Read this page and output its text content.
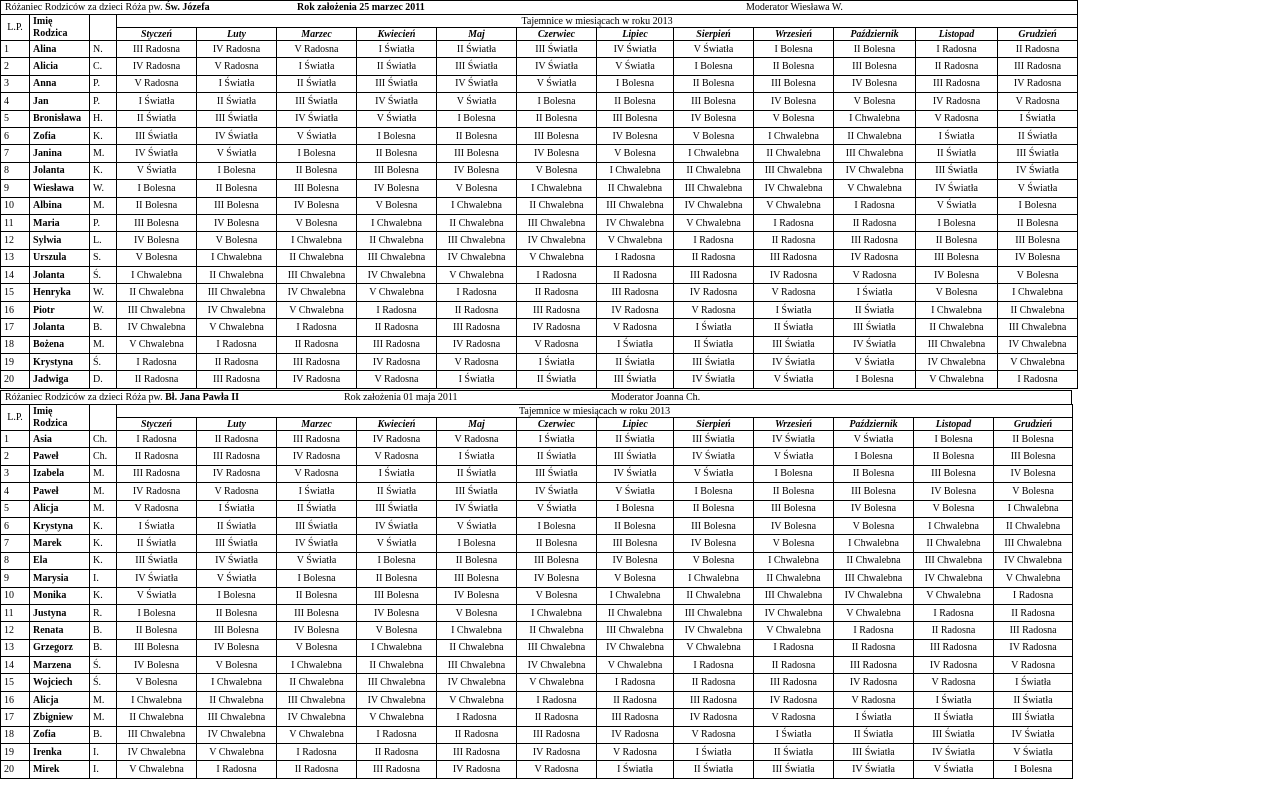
Różaniec Rodziców za dzieci Róża pw. Św. Józefa	Rok założenia 25 marzec 2011	Moderator Wiesława W.
L.P.	Imię		Tajemnice w miesiącach w roku 2013											
	Rodzica		Styczeń	Luty	Marzec	Kwiecień	Maj	Czerwiec	Lipiec	Sierpień	Wrzesień	Październik	Listopad	Grudzień
1	Alina	N.	III Radosna	IV Radosna	V Radosna	I Światła	II Światła	III Światła	IV Światła	V Światła	I Bolesna	II Bolesna	I Radosna	II Radosna
2	Alicia	C.	IV Radosna	V Radosna	I Światła	II Światła	III Światła	IV Światła	V Światła	I Bolesna	II Bolesna	III Bolesna	II Radosna	III Radosna
3	Anna	P.	V Radosna	I Światła	II Światła	III Światła	IV Światła	V Światła	I Bolesna	II Bolesna	III Bolesna	IV Bolesna	III Radosna	IV Radosna
4	Jan	P.	I Światła	II Światła	III Światła	IV Światła	V Światła	I Bolesna	II Bolesna	III Bolesna	IV Bolesna	V Bolesna	IV Radosna	V Radosna
5	Bronisława	H.	II Światła	III Światła	IV Światła	V Światła	I Bolesna	II Bolesna	III Bolesna	IV Bolesna	V Bolesna	I Chwalebna	V Radosna	I Światła
6	Zofia	K.	III Światła	IV Światła	V Światła	I Bolesna	II Bolesna	III Bolesna	IV Bolesna	V Bolesna	I Chwalebna	II Chwalebna	I Światła	II Światła
7	Janina	M.	IV Światła	V Światła	I Bolesna	II Bolesna	III Bolesna	IV Bolesna	V Bolesna	I Chwalebna	II Chwalebna	III Chwalebna	II Światła	III Światła
8	Jolanta	K.	V Światła	I Bolesna	II Bolesna	III Bolesna	IV Bolesna	V Bolesna	I Chwalebna	II Chwalebna	III Chwalebna	IV Chwalebna	III Światła	IV Światła
9	Wiesława	W.	I Bolesna	II Bolesna	III Bolesna	IV Bolesna	V Bolesna	I Chwalebna	II Chwalebna	III Chwalebna	IV Chwalebna	V Chwalebna	IV Światła	V Światła
10	Albina	M.	II Bolesna	III Bolesna	IV Bolesna	V Bolesna	I Chwalebna	II Chwalebna	III Chwalebna	IV Chwalebna	V Chwalebna	I Radosna	V Światła	I Bolesna
11	Maria	P.	III Bolesna	IV Bolesna	V Bolesna	I Chwalebna	II Chwalebna	III Chwalebna	IV Chwalebna	V Chwalebna	I Radosna	II Radosna	I Bolesna	II Bolesna
12	Sylwia	L.	IV Bolesna	V Bolesna	I Chwalebna	II Chwalebna	III Chwalebna	IV Chwalebna	V Chwalebna	I Radosna	II Radosna	III Radosna	II Bolesna	III Bolesna
13	Urszula	S.	V Bolesna	I Chwalebna	II Chwalebna	III Chwalebna	IV Chwalebna	V Chwalebna	I Radosna	II Radosna	III Radosna	IV Radosna	III Bolesna	IV Bolesna
14	Jolanta	Ś.	I Chwalebna	II Chwalebna	III Chwalebna	IV Chwalebna	V Chwalebna	I Radosna	II Radosna	III Radosna	IV Radosna	V Radosna	IV Bolesna	V Bolesna
15	Henryka	W.	II Chwalebna	III Chwalebna	IV Chwalebna	V Chwalebna	I Radosna	II Radosna	III Radosna	IV Radosna	V Radosna	I Światła	V Bolesna	I Chwalebna
16	Piotr	W.	III Chwalebna	IV Chwalebna	V Chwalebna	I Radosna	II Radosna	III Radosna	IV Radosna	V Radosna	I Światła	II Światła	I Chwalebna	II Chwalebna
17	Jolanta	B.	IV Chwalebna	V Chwalebna	I Radosna	II Radosna	III Radosna	IV Radosna	V Radosna	I Światła	II Światła	III Światła	II Chwalebna	III Chwalebna
18	Bożena	M.	V Chwalebna	I Radosna	II Radosna	III Radosna	IV Radosna	V Radosna	I Światła	II Światła	III Światła	IV Światła	III Chwalebna	IV Chwalebna
19	Krystyna	Ś.	I Radosna	II Radosna	III Radosna	IV Radosna	V Radosna	I Światła	II Światła	III Światła	IV Światła	V Światła	IV Chwalebna	V Chwalebna
20	Jadwiga	D.	II Radosna	III Radosna	IV Radosna	V Radosna	I Światła	II Światła	III Światła	IV Światła	V Światła	I Bolesna	V Chwalebna	I Radosna
Różaniec Rodziców za dzieci Róża pw. Bł. Jana Pawła II	Rok założenia 01 maja 2011	Moderator Joanna Ch.
L.P.	Imię		Tajemnice w miesiącach w roku 2013											
	Rodzica		Styczeń	Luty	Marzec	Kwiecień	Maj	Czerwiec	Lipiec	Sierpień	Wrzesień	Październik	Listopad	Grudzień
1	Asia	Ch.	I Radosna	II Radosna	III Radosna	IV Radosna	V Radosna	I Światła	II Światła	III Światła	IV Światła	V Światła	I Bolesna	II Bolesna
2	Paweł	Ch.	II Radosna	III Radosna	IV Radosna	V Radosna	I Światła	II Światła	III Światła	IV Światła	V Światła	I Bolesna	II Bolesna	III Bolesna
3	Izabela	M.	III Radosna	IV Radosna	V Radosna	I Światła	II Światła	III Światła	IV Światła	V Światła	I Bolesna	II Bolesna	III Bolesna	IV Bolesna
4	Paweł	M.	IV Radosna	V Radosna	I Światła	II Światła	III Światła	IV Światła	V Światła	I Bolesna	II Bolesna	III Bolesna	IV Bolesna	V Bolesna
5	Alicja	M.	V Radosna	I Światła	II Światła	III Światła	IV Światła	V Światła	I Bolesna	II Bolesna	III Bolesna	IV Bolesna	V Bolesna	I Chwalebna
6	Krystyna	K.	I Światła	II Światła	III Światła	IV Światła	V Światła	I Bolesna	II Bolesna	III Bolesna	IV Bolesna	V Bolesna	I Chwalebna	II Chwalebna
7	Marek	K.	II Światła	III Światła	IV Światła	V Światła	I Bolesna	II Bolesna	III Bolesna	IV Bolesna	V Bolesna	I Chwalebna	II Chwalebna	III Chwalebna
8	Ela	K.	III Światła	IV Światła	V Światła	I Bolesna	II Bolesna	III Bolesna	IV Bolesna	V Bolesna	I Chwalebna	II Chwalebna	III Chwalebna	IV Chwalebna
9	Marysia	I.	IV Światła	V Światła	I Bolesna	II Bolesna	III Bolesna	IV Bolesna	V Bolesna	I Chwalebna	II Chwalebna	III Chwalebna	IV Chwalebna	V Chwalebna
10	Monika	K.	V Światła	I Bolesna	II Bolesna	III Bolesna	IV Bolesna	V Bolesna	I Chwalebna	II Chwalebna	III Chwalebna	IV Chwalebna	V Chwalebna	I Radosna
11	Justyna	R.	I Bolesna	II Bolesna	III Bolesna	IV Bolesna	V Bolesna	I Chwalebna	II Chwalebna	III Chwalebna	IV Chwalebna	V Chwalebna	I Radosna	II Radosna
12	Renata	B.	II Bolesna	III Bolesna	IV Bolesna	V Bolesna	I Chwalebna	II Chwalebna	III Chwalebna	IV Chwalebna	V Chwalebna	I Radosna	II Radosna	III Radosna
13	Grzegorz	B.	III Bolesna	IV Bolesna	V Bolesna	I Chwalebna	II Chwalebna	III Chwalebna	IV Chwalebna	V Chwalebna	I Radosna	II Radosna	III Radosna	IV Radosna
14	Marzena	Ś.	IV Bolesna	V Bolesna	I Chwalebna	II Chwalebna	III Chwalebna	IV Chwalebna	V Chwalebna	I Radosna	II Radosna	III Radosna	IV Radosna	V Radosna
15	Wojciech	Ś.	V Bolesna	I Chwalebna	II Chwalebna	III Chwalebna	IV Chwalebna	V Chwalebna	I Radosna	II Radosna	III Radosna	IV Radosna	V Radosna	I Światła
16	Alicja	M.	I Chwalebna	II Chwalebna	III Chwalebna	IV Chwalebna	V Chwalebna	I Radosna	II Radosna	III Radosna	IV Radosna	V Radosna	I Światła	II Światła
17	Zbigniew	M.	II Chwalebna	III Chwalebna	IV Chwalebna	V Chwalebna	I Radosna	II Radosna	III Radosna	IV Radosna	V Radosna	I Światła	II Światła	III Światła
18	Zofia	B.	III Chwalebna	IV Chwalebna	V Chwalebna	I Radosna	II Radosna	III Radosna	IV Radosna	V Radosna	I Światła	II Światła	III Światła	IV Światła
19	Irenka	I.	IV Chwalebna	V Chwalebna	I Radosna	II Radosna	III Radosna	IV Radosna	V Radosna	I Światła	II Światła	III Światła	IV Światła	V Światła
20	Mirek	I.	V Chwalebna	I Radosna	II Radosna	III Radosna	IV Radosna	V Radosna	I Światła	II Światła	III Światła	IV Światła	V Światła	I Bolesna
